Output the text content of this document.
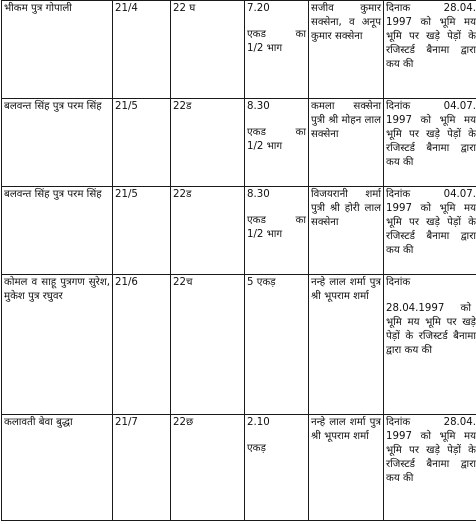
भीकम पुत्र गोपाली	21/4	22 घ	7.20
एकड का
1/2 भाग	सजीव कुमार सक्सेना, व अनूप कुमार सक्सेना	दिनाक 28.04.
1997 को भूमि मय भूमि पर खड़े पेड़ों के रजिस्टर्ड बैनामा द्वारा कय की
बलवन्त सिंह पुत्र परम सिंह	21/5	22ड	8.30
एकड का
1/2 भाग	कमला सक्सेना पुत्री श्री मोहन लाल सक्सेना	दिनांक 04.07.
1997 को भूमि मय भूमि पर खड़े पेड़ों के रजिस्टर्ड बैनामा द्वारा कय की
बलवन्त सिंह पुत्र परम सिंह	21/5	22ड	8.30
एकड का
1/2 भाग	विजयरानी शर्मा पुत्री श्री होरी लाल सक्सेना	दिनांक 04.07.
1997 को भूमि मय भूमि पर खड़े पेड़ों के रजिस्टर्ड बैनामा द्वारा कय की
कोमल व साहू पुत्रगण सुरेश, मुकेश पुत्र रघुवर	21/6	22च	5 एकड़	नन्हे लाल शर्मा पुत्र श्री भूपराम शर्मा	दिनांक
28.04.1997     को
भूमि मय भूमि पर खड़े पेड़ों के रजिस्टर्ड बैनामा द्वारा कय की
कलावती बेवा बुद्धा	21/7	22छ	2.10
एकड़	नन्हे लाल शर्मा पुत्र श्री भूपराम शर्मा	दिनांक 28.04.
1997 को भूमि मय भूमि पर खड़े पेड़ों के रजिस्टर्ड बैनामा द्वारा कय की
